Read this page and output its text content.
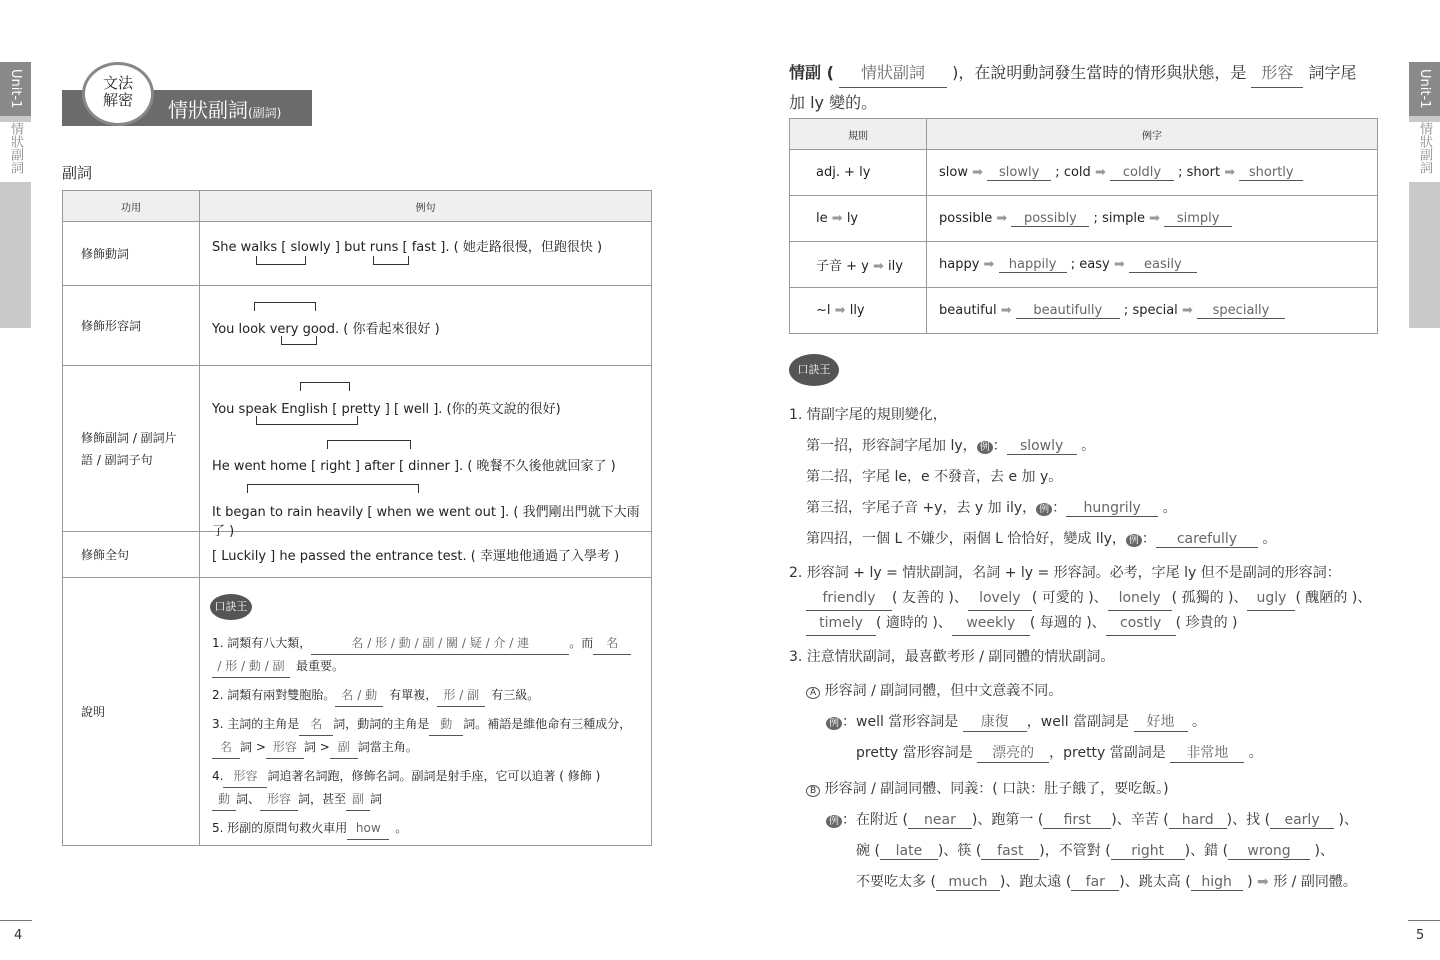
Unit-1
情狀副詞
情狀副詞(副詞)
文法
解密
副詞
功用	例句
修飾動詞	She walks [ slowly ] but runs [ fast ]. ( 她走路很慢，但跑很快 )

修飾形容詞	You look very good. ( 你看起來很好 )

修飾副詞 / 副詞片語 / 副詞子句	You speak English [ pretty ] [ well ]. (你的英文說的很好)
He went home [ right ] after [ dinner ]. ( 晚餐不久後他就回家了 )
It began to rain heavily [ when we went out ]. ( 我們剛出門就下大雨了 )

修飾全句	[ Luckily ] he passed the entrance test. ( 幸運地他通過了入學考 )
說明	
口訣王
1. 詞類有八大類，	名 / 形 / 動 / 副 / 關 / 疑 / 介 / 連	。而 名
/ 形 / 動 / 副 最重要。
2. 詞類有兩對雙胞胎。 名 / 動 有單複， 形 / 副 有三級。
3. 主詞的主角是 名 詞，動詞的主角是 動 詞。補語是維他命有三種成分，
名 詞 > 形容 詞 > 副 詞當主角。
4. 形容 詞追著名詞跑，修飾名詞。副詞是射手座，它可以追著 ( 修飾 )
動 詞、 形容 詞，甚至 副 詞
5. 形副的原問句救火車用 how 。
4
Unit-1
情狀副詞
情副 ( 情狀副詞 )，在說明動詞發生當時的情形與狀態，是 形容 詞字尾
加 ly 變的。
規則	例字
adj. + ly	slow ➡ slowly ; cold ➡ coldly ; short ➡ shortly
le ➡ ly	possible ➡ possibly ; simple ➡ simply
子音 + y ➡ ily	happy ➡ happily ; easy ➡ easily
~l ➡ lly	beautiful ➡ beautifully ; special ➡ specially
口訣王
1. 情副字尾的規則變化，
第一招，形容詞字尾加 ly， 例 ： slowly 。
第二招，字尾 le，e 不發音，去 e 加 y。
第三招，字尾子音 +y，去 y 加 ily， 例 ： hungrily 。
第四招，一個 L 不嫌少，兩個 L 恰恰好，變成 lly， 例 ： carefully 。
2. 形容詞 + ly = 情狀副詞，名詞 + ly = 形容詞。必考，字尾 ly 但不是副詞的形容詞：
friendly ( 友善的 )、 lovely ( 可愛的 )、 lonely ( 孤獨的 )、 ugly ( 醜陋的 )、
timely ( 適時的 )、 weekly ( 每週的 )、 costly ( 珍貴的 )
3. 注意情狀副詞，最喜歡考形 / 副同體的情狀副詞。
A 形容詞 / 副詞同體，但中文意義不同。
例 ：well 當形容詞是 康復 ，well 當副詞是 好地 。
pretty 當形容詞是 漂亮的 ，pretty 當副詞是 非常地 。
B 形容詞 / 副詞同體、同義：( 口訣：肚子餓了，要吃飯。)
例 ：在附近 ( near )、跑第一 ( first )、辛苦 ( hard )、找 ( early )、
碗 ( late )、筷 ( fast )，不管對 ( right )、錯 ( wrong )、
不要吃太多 ( much )、跑太遠 ( far )、跳太高 ( high ) ➡ 形 / 副同體。
5
